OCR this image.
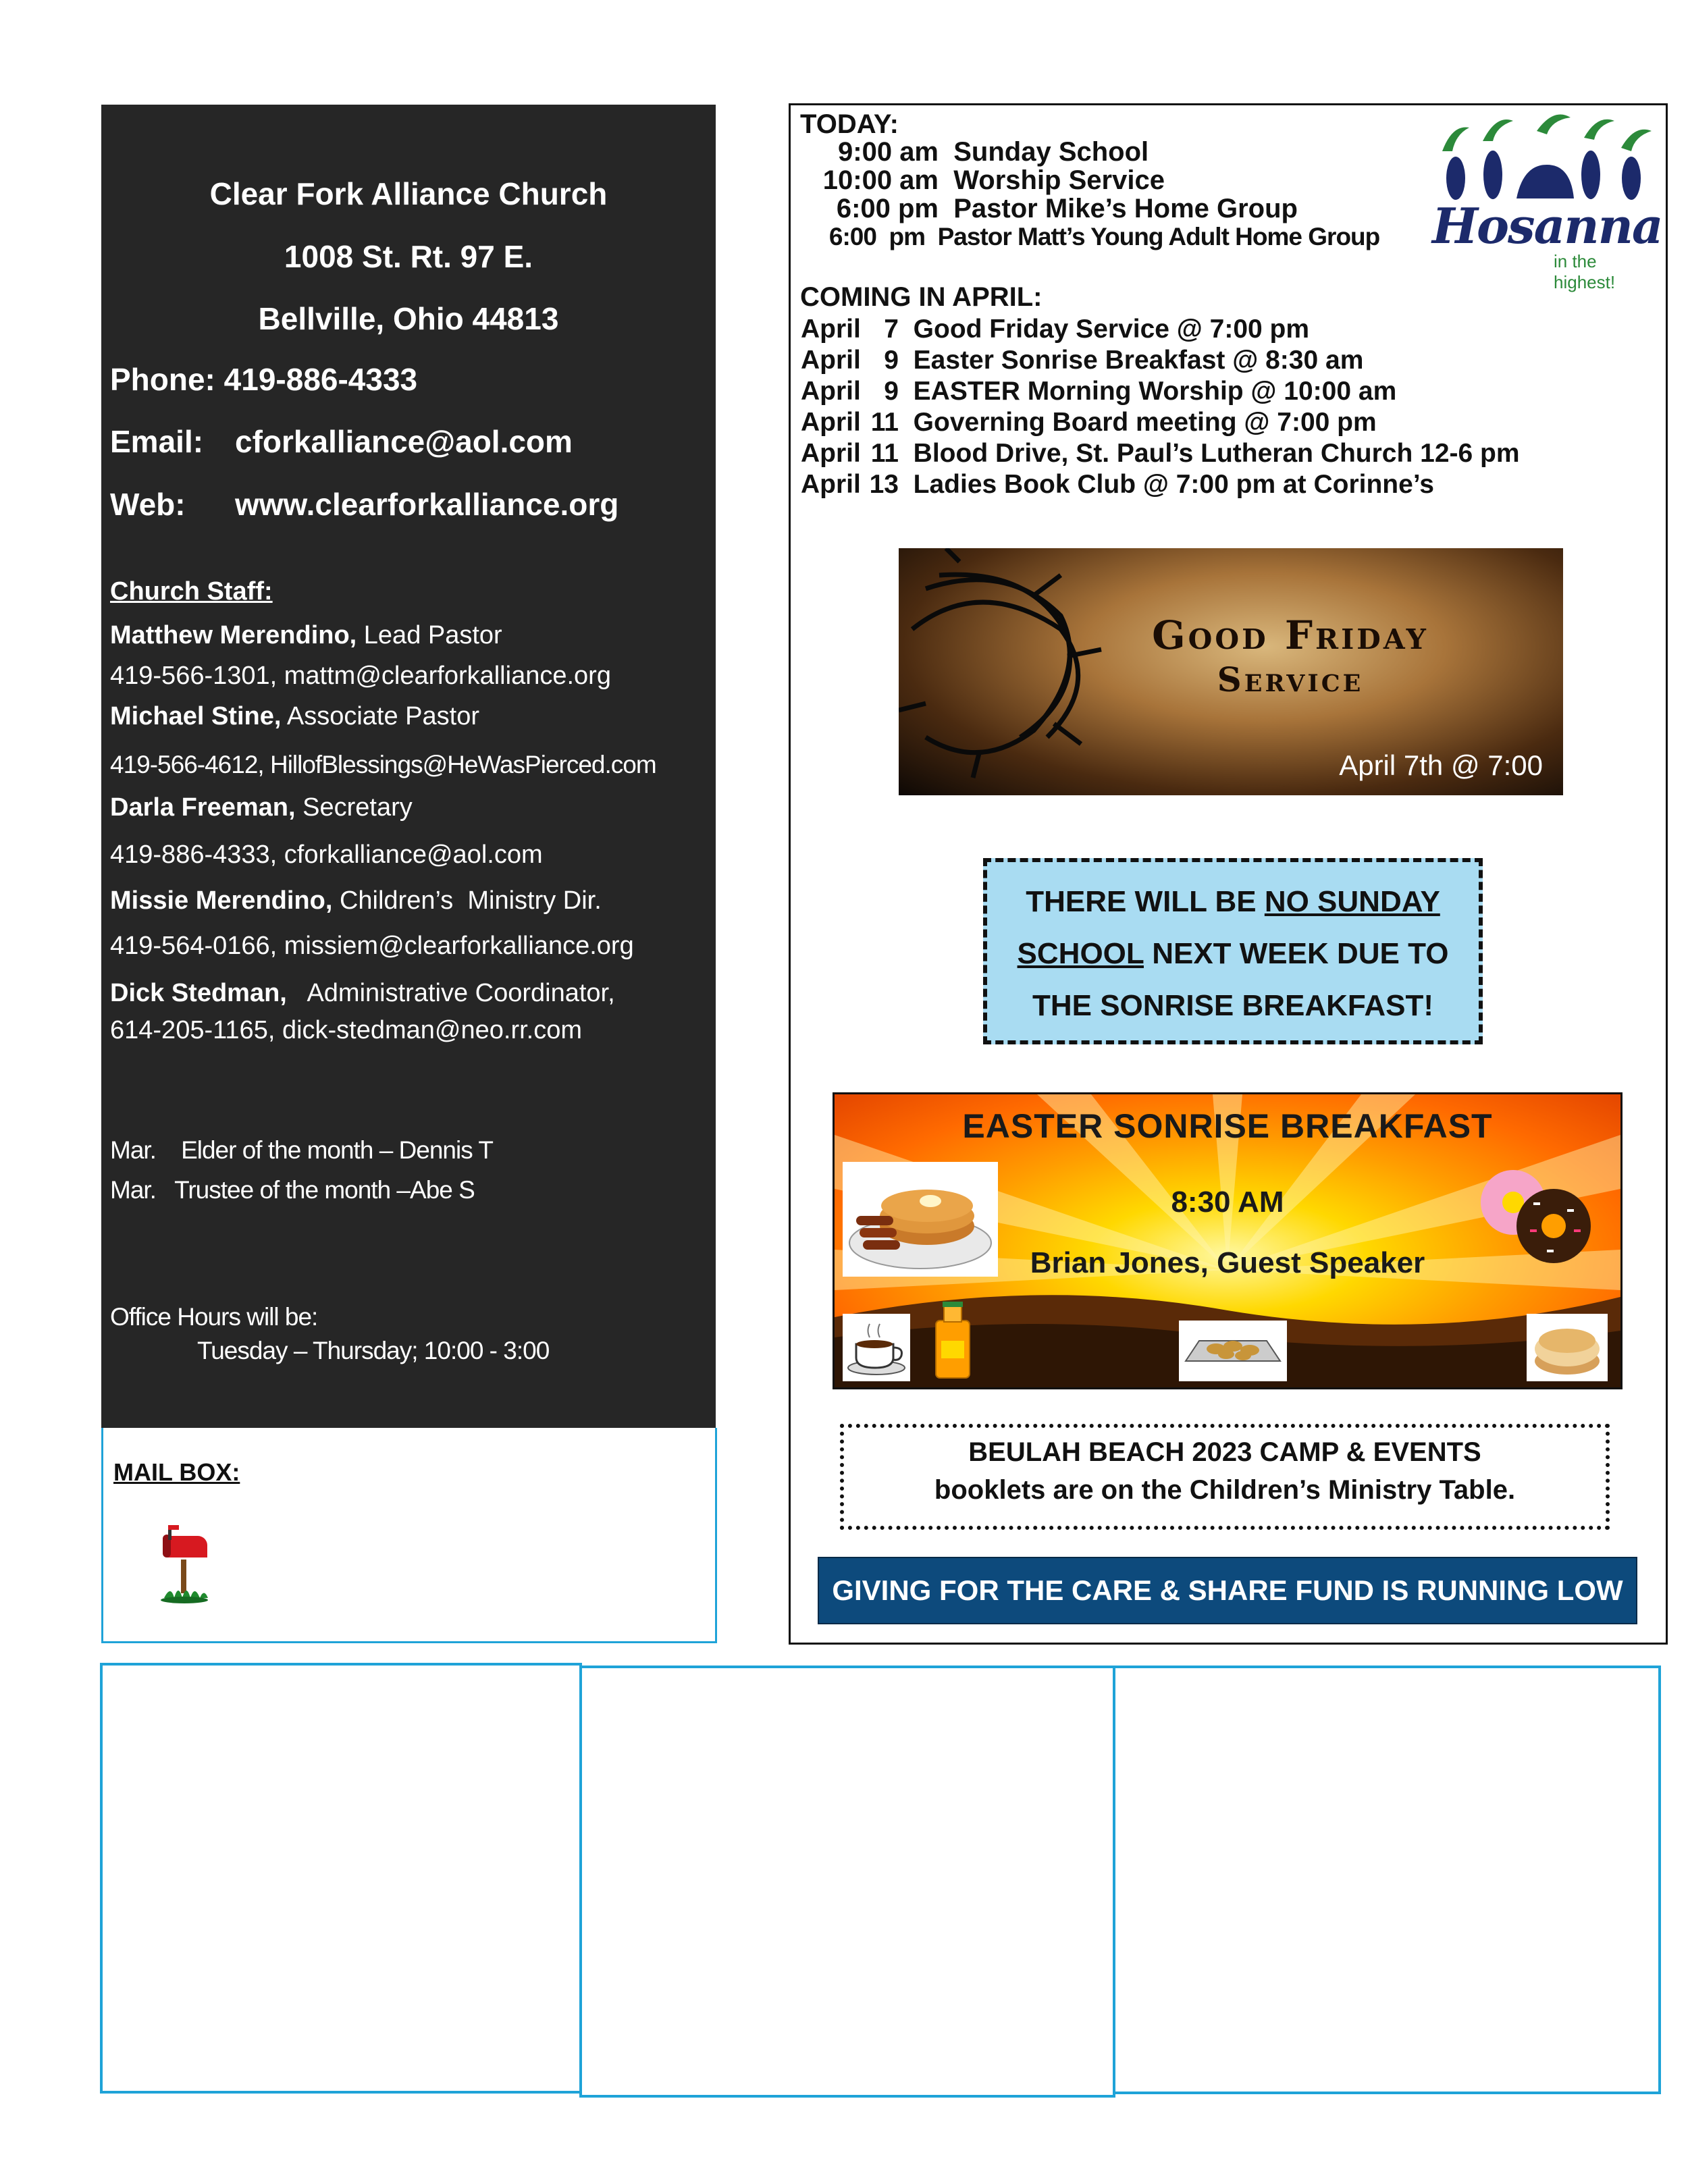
Clear Fork Alliance Church
1008 St. Rt. 97 E.
Bellville, Ohio 44813
Phone: 419-886-4333
Email: cforkalliance@aol.com
Web: www.clearforkalliance.org
Church Staff:
Matthew Merendino, Lead Pastor
419-566-1301, mattm@clearforkalliance.org
Michael Stine, Associate Pastor
419-566-4612, HillofBlessings@HeWasPierced.com
Darla Freeman, Secretary
419-886-4333, cforkalliance@aol.com
Missie Merendino, Children’s  Ministry Dir.
419-564-0166, missiem@clearforkalliance.org
Dick Stedman,   Administrative Coordinator,
614-205-1165, dick-stedman@neo.rr.com
Mar.    Elder of the month – Dennis T
Mar.   Trustee of the month –Abe S
Office Hours will be:
Tuesday – Thursday; 10:00 - 3:00
MAIL BOX:
TODAY:
9:00 am Sunday School
10:00 am Worship Service
6:00 pm Pastor Mike’s Home Group
6:00  pm Pastor Matt’s Young Adult Home Group Hosanna
in the highest!
COMING IN APRIL:
April 7 Good Friday Service @ 7:00 pm
April 9 Easter Sonrise Breakfast @ 8:30 am
April 9 EASTER Morning Worship @ 10:00 am
April 11 Governing Board meeting @ 7:00 pm
April 11 Blood Drive, St. Paul’s Lutheran Church 12-6 pm
April 13 Ladies Book Club @ 7:00 pm at Corinne’s
Good Friday
Service
April 7th @ 7:00
THERE WILL BE NO SUNDAY
SCHOOL NEXT WEEK DUE TO
THE SONRISE BREAKFAST!
EASTER SONRISE BREAKFAST
8:30 AM
Brian Jones, Guest Speaker
BEULAH BEACH 2023 CAMP & EVENTS
booklets are on the Children’s Ministry Table.
GIVING FOR THE CARE & SHARE FUND IS RUNNING LOW
